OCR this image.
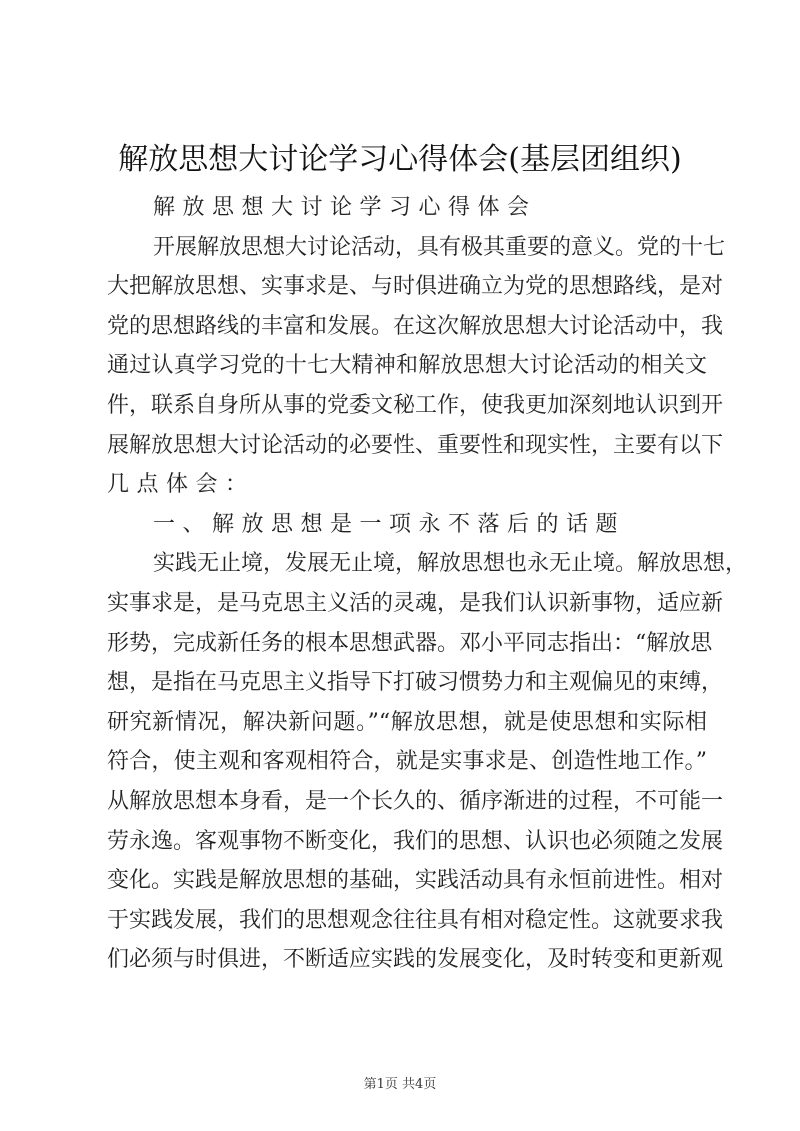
解放思想大讨论学习心得体会(基层团组织)
解放思想大讨论学习心得体会
开展解放思想大讨论活动，具有极其重要的意义。党的十七
大把解放思想、实事求是、与时俱进确立为党的思想路线，是对
党的思想路线的丰富和发展。在这次解放思想大讨论活动中，我
通过认真学习党的十七大精神和解放思想大讨论活动的相关文
件，联系自身所从事的党委文秘工作，使我更加深刻地认识到开
展解放思想大讨论活动的必要性、重要性和现实性，主要有以下
几点体会：
一、解放思想是一项永不落后的话题
实践无止境，发展无止境，解放思想也永无止境。解放思想，
实事求是，是马克思主义活的灵魂，是我们认识新事物，适应新
形势，完成新任务的根本思想武器。邓小平同志指出：“解放思
想，是指在马克思主义指导下打破习惯势力和主观偏见的束缚，
研究新情况，解决新问题。”“解放思想，就是使思想和实际相
符合，使主观和客观相符合，就是实事求是、创造性地工作。”
从解放思想本身看，是一个长久的、循序渐进的过程，不可能一
劳永逸。客观事物不断变化，我们的思想、认识也必须随之发展
变化。实践是解放思想的基础，实践活动具有永恒前进性。相对
于实践发展，我们的思想观念往往具有相对稳定性。这就要求我
们必须与时俱进，不断适应实践的发展变化，及时转变和更新观
第1页 共4页
